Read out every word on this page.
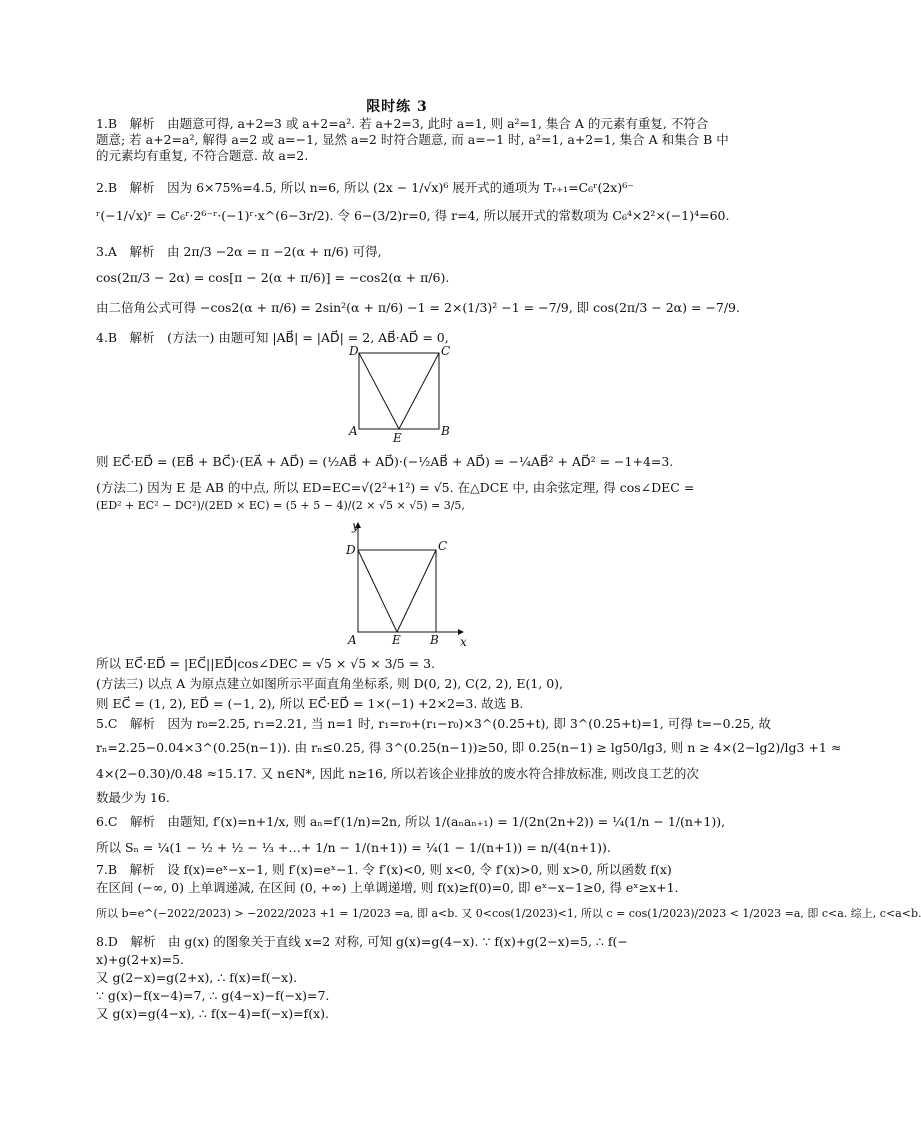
限时练 3
1.B　解析　由题意可得, a+2=3 或 a+2=a². 若 a+2=3, 此时 a=1, 则 a²=1, 集合 A 的元素有重复, 不符合
题意; 若 a+2=a², 解得 a=2 或 a=−1, 显然 a=2 时符合题意, 而 a=−1 时, a²=1, a+2=1, 集合 A 和集合 B 中
的元素均有重复, 不符合题意. 故 a=2.
2.B　解析　因为 6×75%=4.5, 所以 n=6, 所以 (2x − 1/√x)⁶ 展开式的通项为 Tᵣ₊₁=C₆ʳ(2x)⁶⁻
ʳ(−1/√x)ʳ = C₆ʳ·2⁶⁻ʳ·(−1)ʳ·x^(6−3r/2). 令 6−(3/2)r=0, 得 r=4, 所以展开式的常数项为 C₆⁴×2²×(−1)⁴=60.
3.A　解析　由 2π/3 −2α = π −2(α + π/6) 可得,
cos(2π/3 − 2α) = cos[π − 2(α + π/6)] = −cos2(α + π/6).
由二倍角公式可得 −cos2(α + π/6) = 2sin²(α + π/6) −1 = 2×(1/3)² −1 = −7/9, 即 cos(2π/3 − 2α) = −7/9.
4.B　解析　(方法一) 由题可知 |AB⃗| = |AD⃗| = 2, AB⃗·AD⃗ = 0,
D	C
A	E	B
则 EC⃗·ED⃗ = (EB⃗ + BC⃗)·(EA⃗ + AD⃗) = (½AB⃗ + AD⃗)·(−½AB⃗ + AD⃗) = −¼AB⃗² + AD⃗² = −1+4=3.
(方法二) 因为 E 是 AB 的中点, 所以 ED=EC=√(2²+1²) = √5. 在△DCE 中, 由余弦定理, 得 cos∠DEC =
(ED² + EC² − DC²)/(2ED × EC) = (5 + 5 − 4)/(2 × √5 × √5) = 3/5,
y
x
D	C
A	E B
所以 EC⃗·ED⃗ = |EC⃗||ED⃗|cos∠DEC = √5 × √5 × 3/5 = 3.
(方法三) 以点 A 为原点建立如图所示平面直角坐标系, 则 D(0, 2), C(2, 2), E(1, 0),
则 EC⃗ = (1, 2), ED⃗ = (−1, 2), 所以 EC⃗·ED⃗ = 1×(−1) +2×2=3. 故选 B.
5.C　解析　因为 r₀=2.25, r₁=2.21, 当 n=1 时, r₁=r₀+(r₁−r₀)×3^(0.25+t), 即 3^(0.25+t)=1, 可得 t=−0.25, 故
rₙ=2.25−0.04×3^(0.25(n−1)). 由 rₙ≤0.25, 得 3^(0.25(n−1))≥50, 即 0.25(n−1) ≥ lg50/lg3, 则 n ≥ 4×(2−lg2)/lg3 +1 ≈
4×(2−0.30)/0.48 ≈15.17. 又 n∈N*, 因此 n≥16, 所以若该企业排放的废水符合排放标准, 则改良工艺的次
数最少为 16.
6.C　解析　由题知, f′(x)=n+1/x, 则 aₙ=f′(1/n)=2n, 所以 1/(aₙaₙ₊₁) = 1/(2n(2n+2)) = ¼(1/n − 1/(n+1)),
所以 Sₙ = ¼(1 − ½ + ½ − ⅓ +…+ 1/n − 1/(n+1)) = ¼(1 − 1/(n+1)) = n/(4(n+1)).
7.B　解析　设 f(x)=eˣ−x−1, 则 f′(x)=eˣ−1. 令 f′(x)<0, 则 x<0, 令 f′(x)>0, 则 x>0, 所以函数 f(x)
在区间 (−∞, 0) 上单调递减, 在区间 (0, +∞) 上单调递增, 则 f(x)≥f(0)=0, 即 eˣ−x−1≥0, 得 eˣ≥x+1.
所以 b=e^(−2022/2023) > −2022/2023 +1 = 1/2023 =a, 即 a<b. 又 0<cos(1/2023)<1, 所以 c = cos(1/2023)/2023 < 1/2023 =a, 即 c<a. 综上, c<a<b.
8.D　解析　由 g(x) 的图象关于直线 x=2 对称, 可知 g(x)=g(4−x). ∵ f(x)+g(2−x)=5, ∴ f(−
x)+g(2+x)=5.
又 g(2−x)=g(2+x), ∴ f(x)=f(−x).
∵ g(x)−f(x−4)=7, ∴ g(4−x)−f(−x)=7.
又 g(x)=g(4−x), ∴ f(x−4)=f(−x)=f(x).
